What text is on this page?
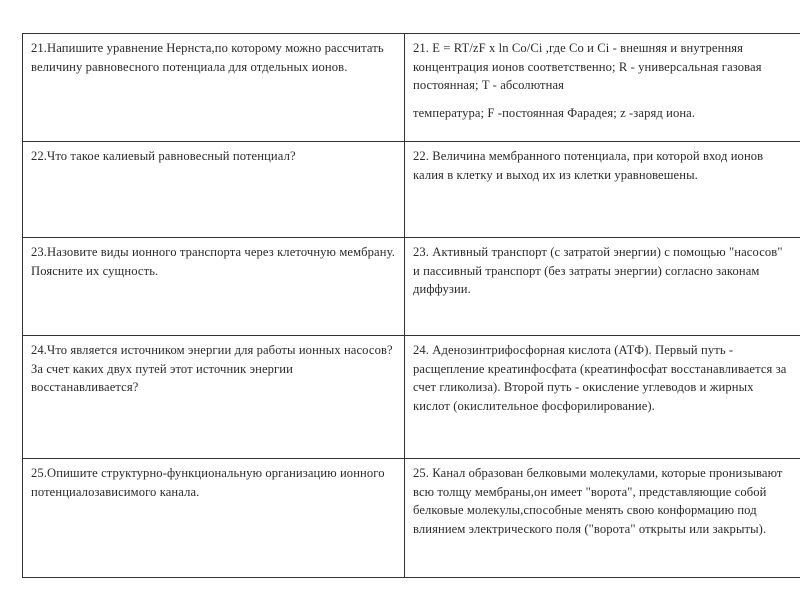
21.Напишите уравнение Нернста,по которому можно рассчитать величину равновесного потенциала для отдельных ионов.	21. E = RT/zF x ln Co/Ci ,где Co и Ci - внешняя и внутренняя концентрация ионов соответственно; R - универсальная газовая постоянная; T - абсолютная
температура; F -постоянная Фарадея; z -заряд иона.
22.Что такое калиевый равновесный потенциал?	22. Величина мембранного потенциала, при которой вход ионов калия в клетку и выход их из клетки уравновешены.
23.Назовите виды ионного транспорта через клеточную мембрану. Поясните их сущность.	23. Активный транспорт (с затратой энергии) с помощью "насосов" и пассивный транспорт (без затраты энергии) согласно законам диффузии.
24.Что является источником энергии для работы ионных насосов? За счет каких двух путей этот источник энергии восстанавливается?	24. Аденозинтрифосфорная кислота (АТФ). Первый путь - расщепление креатинфосфата (креатинфосфат восстанавливается за счет гликолиза). Второй путь - окисление углеводов и жирных кислот (окислительное фосфорилирование).
25.Опишите структурно-функциональную организацию ионного потенциалозависимого канала.	25. Канал образован белковыми молекулами, которые пронизывают всю толщу мембраны,он имеет "ворота", представляющие собой белковые молекулы,способные менять свою конформацию под влиянием электрического поля ("ворота" открыты или закрыты).
